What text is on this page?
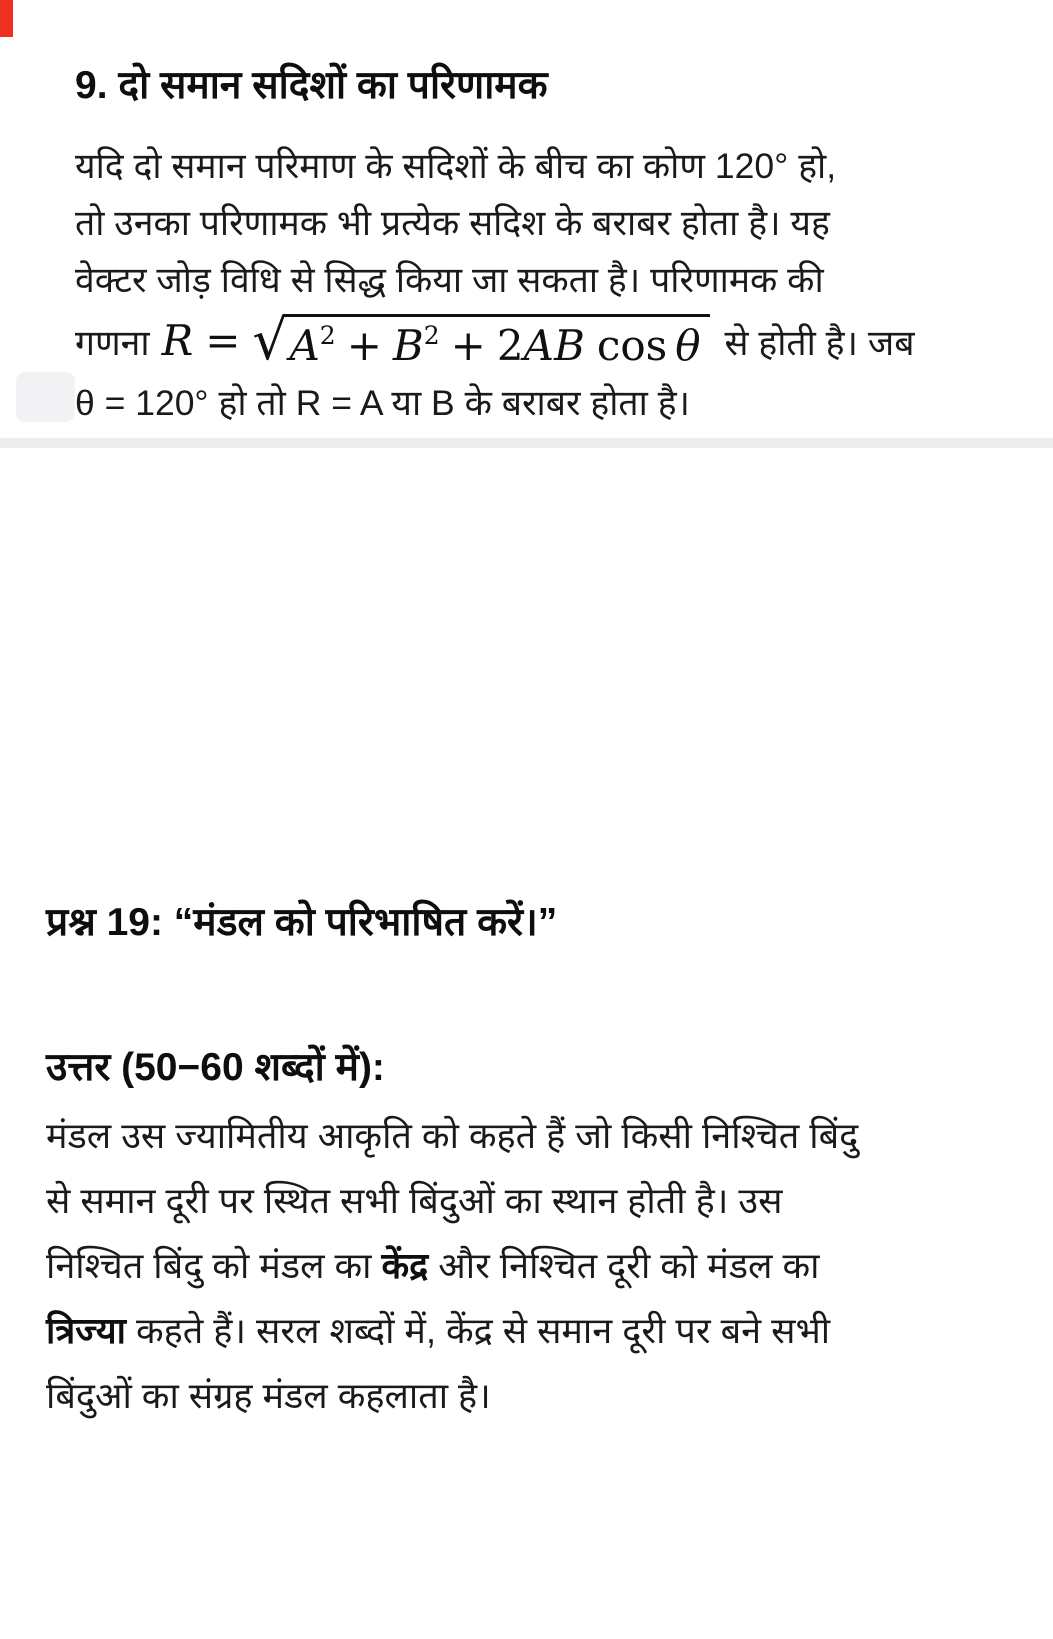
9. दो समान सदिशों का परिणामक
यदि दो समान परिमाण के सदिशों के बीच का कोण 120° हो,
तो उनका परिणामक भी प्रत्येक सदिश के बराबर होता है। यह
वेक्टर जोड़ विधि से सिद्ध किया जा सकता है। परिणामक की
गणना R = √ $A^2 + B^2 + 2AB$ cos θ से होती है। जब
θ = 120° हो तो R = A या B के बराबर होता है।
प्रश्न 19: “मंडल को परिभाषित करें।”
उत्तर (50−60 शब्दों में):
मंडल उस ज्यामितीय आकृति को कहते हैं जो किसी निश्चित बिंदु
से समान दूरी पर स्थित सभी बिंदुओं का स्थान होती है। उस
निश्चित बिंदु को मंडल का केंद्र और निश्चित दूरी को मंडल का
त्रिज्या कहते हैं। सरल शब्दों में, केंद्र से समान दूरी पर बने सभी
बिंदुओं का संग्रह मंडल कहलाता है।
